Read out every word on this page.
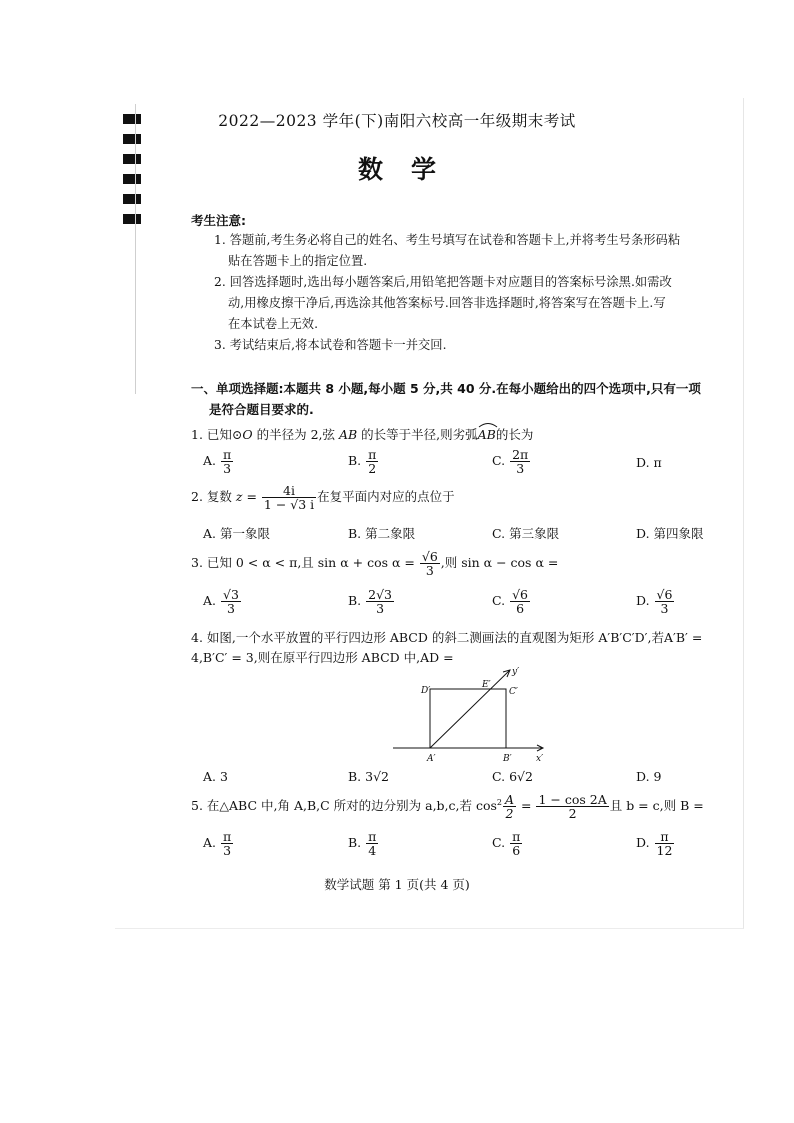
2022—2023 学年(下)南阳六校高一年级期末考试
数学
考生注意:
1. 答题前,考生务必将自己的姓名、考生号填写在试卷和答题卡上,并将考生号条形码粘
贴在答题卡上的指定位置.
2. 回答选择题时,选出每小题答案后,用铅笔把答题卡对应题目的答案标号涂黑.如需改
动,用橡皮擦干净后,再选涂其他答案标号.回答非选择题时,将答案写在答题卡上.写
在本试卷上无效.
3. 考试结束后,将本试卷和答题卡一并交回.
一、单项选择题:本题共 8 小题,每小题 5 分,共 40 分.在每小题给出的四个选项中,只有一项
是符合题目要求的.
1. 已知⊙O 的半径为 2,弦 AB 的长等于半径,则劣弧
AB的长为
A. $\frac{\pi}{3}$	B. $\frac{\pi}{2}$	C. $\frac{2\pi}{3}$	D. π
2. 复数 $z = \frac{4i}{1 - √3 i}$ 在复平面内对应的点位于
A. 第一象限	B. 第二象限	C. 第三象限	D. 第四象限
3. 已知 0 < α < π,且 $\sin \alpha + \cos \alpha = \frac{√6}{3}$ ,则 sin α − cos α =
A. $\frac{√3}{3}$	B. $\frac{2√3}{3}$	C. $\frac{√6}{6}$	D. $\frac{√6}{3}$
4. 如图,一个水平放置的平行四边形 ABCD 的斜二测画法的直观图为矩形 A′B′C′D′,若A′B′ =
4,B′C′ = 3,则在原平行四边形 ABCD 中,AD =
D′
E′
C′
y′
A′	B′	x′
A. 3	B. 3√2	C. 6√2	D. 9
5. 在△ABC 中,角 A,B,C 所对的边分别为 a,b,c,若 $\cos^2 \frac{A}{2} = \frac{1 - \cos 2A}{2}$ 且 b = c,则 B =
A. $\frac{\pi}{3}$	B. $\frac{\pi}{4}$	C. $\frac{\pi}{6}$	D. $\frac{\pi}{12}$
数学试题 第 1 页(共 4 页)
